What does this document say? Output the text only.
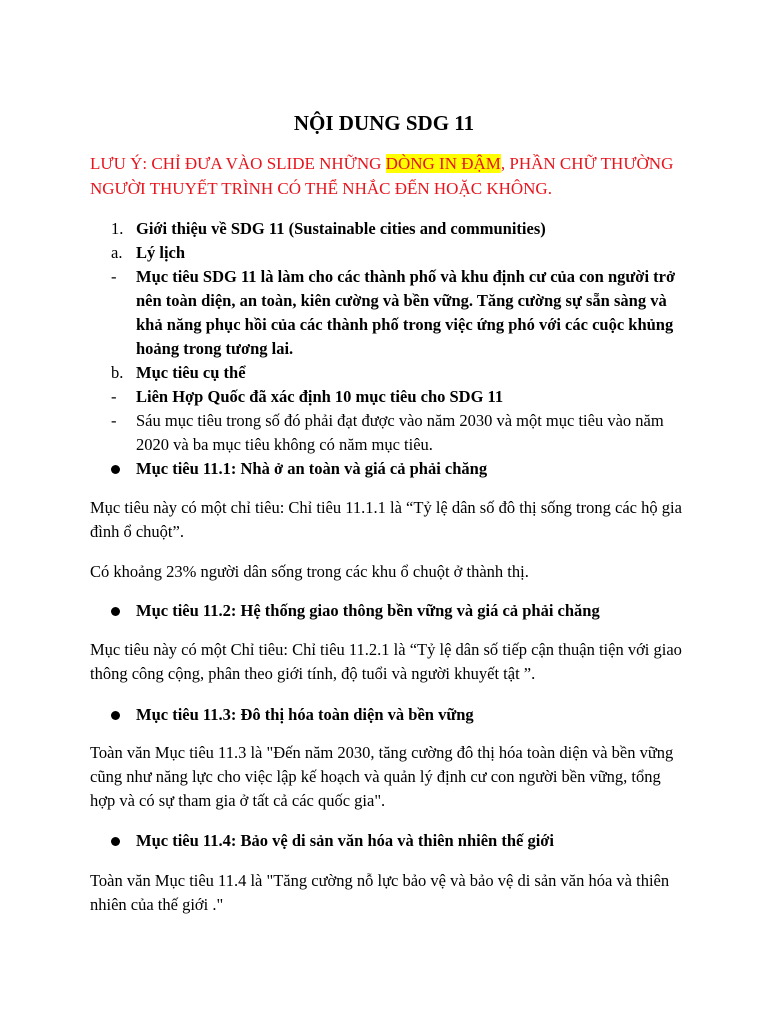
NỘI DUNG SDG 11
LƯU Ý: CHỈ ĐƯA VÀO SLIDE NHỮNG DÒNG IN ĐẬM, PHẦN CHỮ THƯỜNG NGƯỜI THUYẾT TRÌNH CÓ THỂ NHẮC ĐẾN HOẶC KHÔNG.
1. Giới thiệu về SDG 11 (Sustainable cities and communities)
a. Lý lịch
-	Mục tiêu SDG 11 là làm cho các thành phố và khu định cư của con người trở nên toàn diện, an toàn, kiên cường và bền vững. Tăng cường sự sẵn sàng và khả năng phục hồi của các thành phố trong việc ứng phó với các cuộc khủng hoảng trong tương lai.
b. Mục tiêu cụ thể
-	Liên Hợp Quốc đã xác định 10 mục tiêu cho SDG 11
-	Sáu mục tiêu trong số đó phải đạt được vào năm 2030 và một mục tiêu vào năm 2020 và ba mục tiêu không có năm mục tiêu.
Mục tiêu 11.1: Nhà ở an toàn và giá cả phải chăng
Mục tiêu này có một chỉ tiêu: Chỉ tiêu 11.1.1 là “Tỷ lệ dân số đô thị sống trong các hộ gia đình ổ chuột”.
Có khoảng 23% người dân sống trong các khu ổ chuột ở thành thị.
Mục tiêu 11.2: Hệ thống giao thông bền vững và giá cả phải chăng
Mục tiêu này có một Chỉ tiêu: Chỉ tiêu 11.2.1 là “Tỷ lệ dân số tiếp cận thuận tiện với giao thông công cộng, phân theo giới tính, độ tuổi và người khuyết tật ”.
Mục tiêu 11.3: Đô thị hóa toàn diện và bền vững
Toàn văn Mục tiêu 11.3 là "Đến năm 2030, tăng cường đô thị hóa toàn diện và bền vững cũng như năng lực cho việc lập kế hoạch và quản lý định cư con người bền vững, tổng hợp và có sự tham gia ở tất cả các quốc gia".
Mục tiêu 11.4: Bảo vệ di sản văn hóa và thiên nhiên thế giới
Toàn văn Mục tiêu 11.4 là "Tăng cường nỗ lực bảo vệ và bảo vệ di sản văn hóa và thiên nhiên của thế giới ."
